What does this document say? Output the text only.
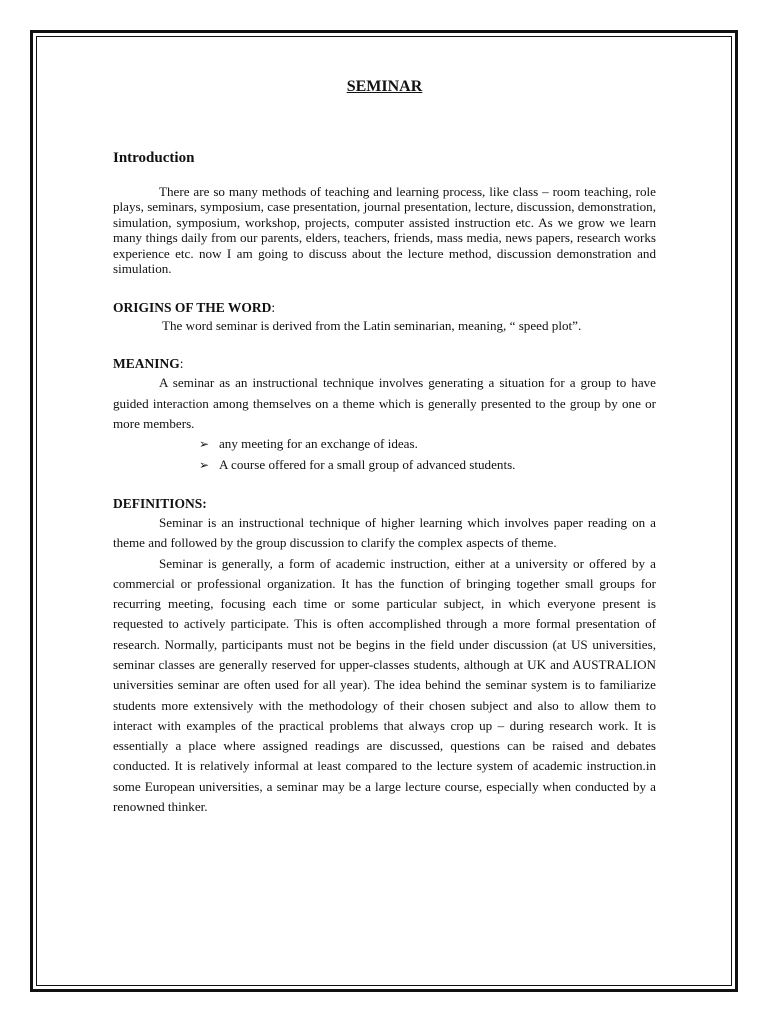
SEMINAR
Introduction

There are so many methods of teaching and learning process, like class – room teaching, role plays, seminars, symposium, case presentation, journal presentation, lecture, discussion, demonstration, simulation, symposium, workshop, projects, computer assisted instruction etc. As we grow we learn many things daily from our parents, elders, teachers, friends, mass media, news papers, research works experience etc. now I am going to discuss about the lecture method, discussion demonstration and simulation.

ORIGINS OF THE WORD:

The word seminar is derived from the Latin seminarian, meaning, “ speed plot”.

MEANING:

A seminar as an instructional technique involves generating a situation for a group to have guided interaction among themselves on a theme which is generally presented to the group by one or more members.

➢ any meeting for an exchange of ideas.
➢ A course offered for a small group of advanced students.
DEFINITIONS:

Seminar is an instructional technique of higher learning which involves paper reading on a theme and followed by the group discussion to clarify the complex aspects of theme.

Seminar is generally, a form of academic instruction, either at a university or offered by a commercial or professional organization. It has the function of bringing together small groups for recurring meeting, focusing each time or some particular subject, in which everyone present is requested to actively participate. This is often accomplished through a more formal presentation of research. Normally, participants must not be begins in the field under discussion (at US universities, seminar classes are generally reserved for upper-classes students, although at UK and AUSTRALION universities seminar are often used for all year). The idea behind the seminar system is to familiarize students more extensively with the methodology of their chosen subject and also to allow them to interact with examples of the practical problems that always crop up – during research work. It is essentially a place where assigned readings are discussed, questions can be raised and debates conducted. It is relatively informal at least compared to the lecture system of academic instruction.in some European universities, a seminar may be a large lecture course, especially when conducted by a renowned thinker.
